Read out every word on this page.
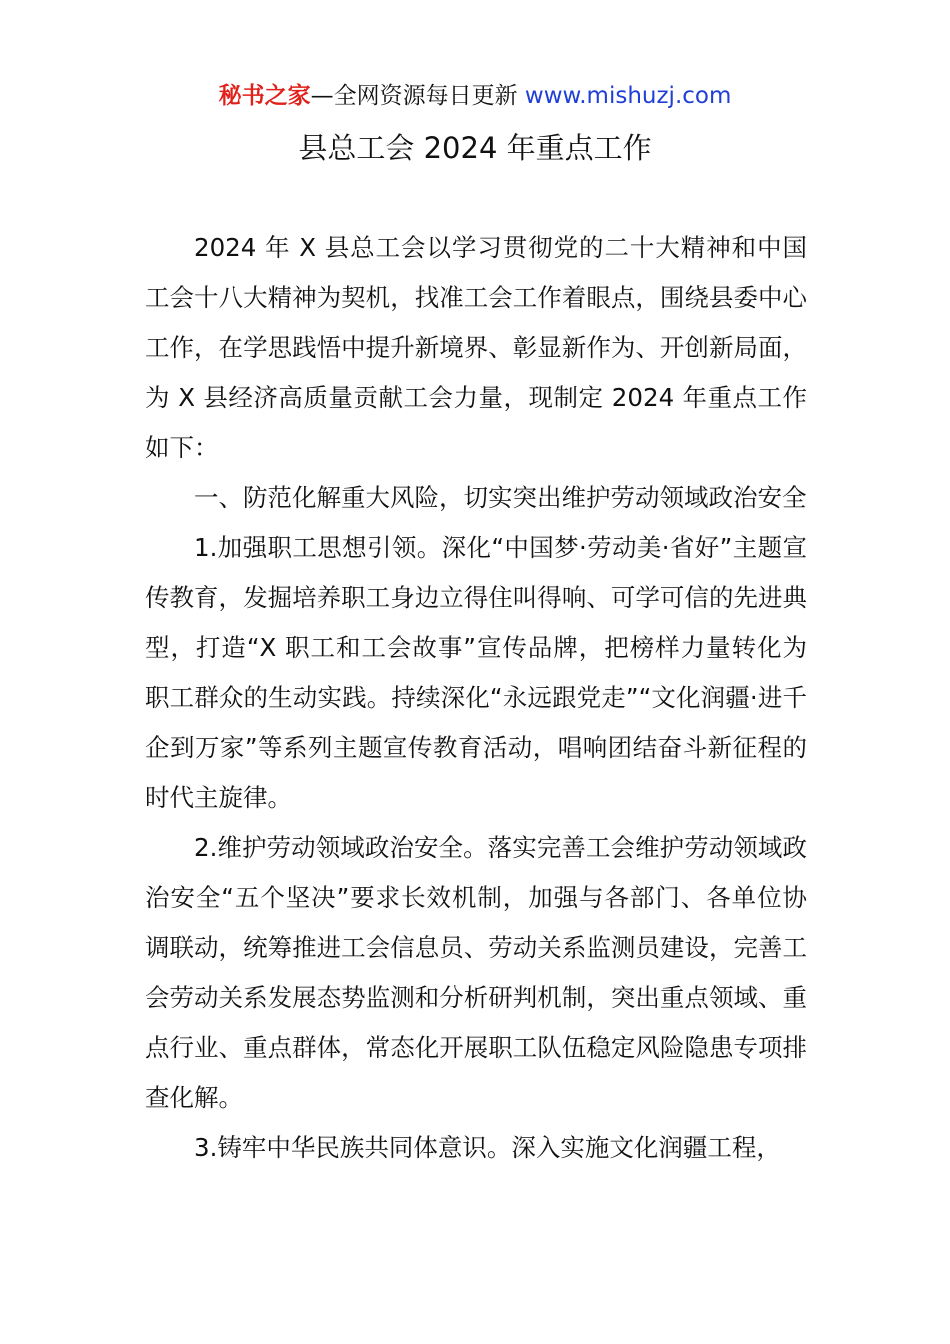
秘书之家—全网资源每日更新 www.mishuzj.com
县总工会 2024 年重点工作

2024 年 X 县总工会以学习贯彻党的二十大精神和中国工会十八大精神为契机，找准工会工作着眼点，围绕县委中心工作，在学思践悟中提升新境界、彰显新作为、开创新局面，为 X 县经济高质量贡献工会力量，现制定 2024 年重点工作如下：

一、防范化解重大风险，切实突出维护劳动领域政治安全

1.加强职工思想引领。深化“中国梦·劳动美·省好”主题宣传教育，发掘培养职工身边立得住叫得响、可学可信的先进典型，打造“X 职工和工会故事”宣传品牌，把榜样力量转化为职工群众的生动实践。持续深化“永远跟党走”“文化润疆·进千企到万家”等系列主题宣传教育活动，唱响团结奋斗新征程的时代主旋律。

2.维护劳动领域政治安全。落实完善工会维护劳动领域政治安全“五个坚决”要求长效机制，加强与各部门、各单位协调联动，统筹推进工会信息员、劳动关系监测员建设，完善工会劳动关系发展态势监测和分析研判机制，突出重点领域、重点行业、重点群体，常态化开展职工队伍稳定风险隐患专项排查化解。

3.铸牢中华民族共同体意识。深入实施文化润疆工程，
